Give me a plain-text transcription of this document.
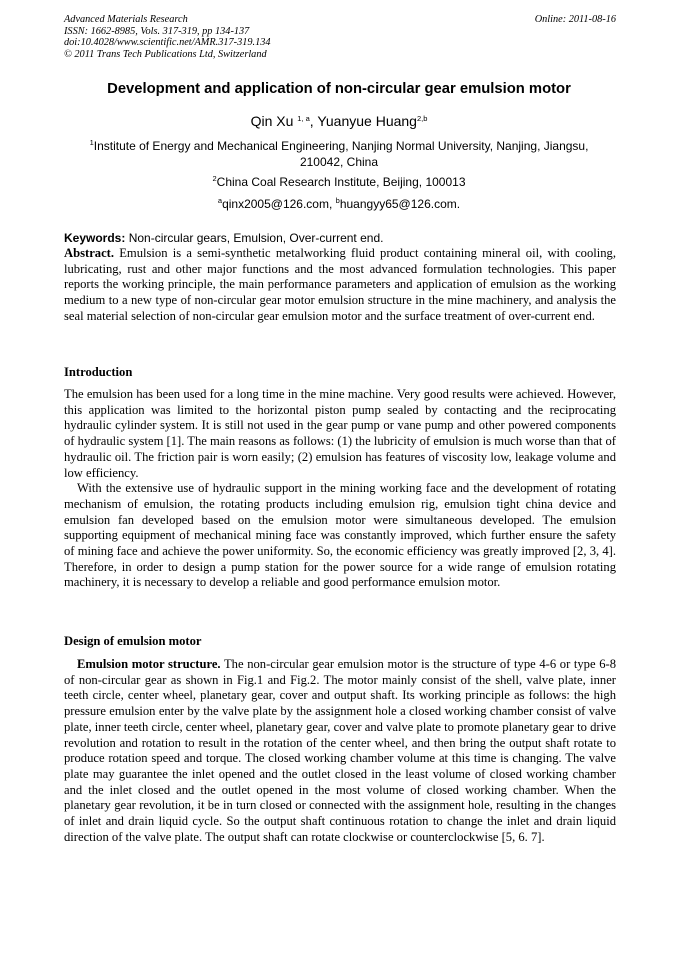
Advanced Materials Research
ISSN: 1662-8985, Vols. 317-319, pp 134-137
doi:10.4028/www.scientific.net/AMR.317-319.134
© 2011 Trans Tech Publications Ltd, Switzerland
Online: 2011-08-16
Development and application of non-circular gear emulsion motor
Qin Xu $^{1, a}$, Yuanyue Huang$^{2,b}$
$^1$Institute of Energy and Mechanical Engineering, Nanjing Normal University, Nanjing, Jiangsu,
210042, China
$^2$China Coal Research Institute, Beijing, 100013
$^a$qinx2005@126.com, $^b$huangyy65@126.com.
Keywords: Non-circular gears, Emulsion, Over-current end.
Abstract. Emulsion is a semi-synthetic metalworking fluid product containing mineral oil, with cooling, lubricating, rust and other major functions and the most advanced formulation technologies. This paper reports the working principle, the main performance parameters and application of emulsion as the working medium to a new type of non-circular gear motor emulsion structure in the mine machinery, and analysis the seal material selection of non-circular gear emulsion motor and the surface treatment of over-current end.
Introduction
The emulsion has been used for a long time in the mine machine. Very good results were achieved. However, this application was limited to the horizontal piston pump sealed by contacting and the reciprocating hydraulic cylinder system. It is still not used in the gear pump or vane pump and other powered components of hydraulic system [1]. The main reasons as follows: (1) the lubricity of emulsion is much worse than that of hydraulic oil. The friction pair is worn easily; (2) emulsion has features of viscosity low, leakage volume and low efficiency.
With the extensive use of hydraulic support in the mining working face and the development of rotating mechanism of emulsion, the rotating products including emulsion rig, emulsion tight china device and emulsion fan developed based on the emulsion motor were simultaneous developed. The emulsion supporting equipment of mechanical mining face was constantly improved, which further ensure the safety of mining face and achieve the power uniformity. So, the economic efficiency was greatly improved [2, 3, 4]. Therefore, in order to design a pump station for the power source for a wide range of emulsion rotating machinery, it is necessary to develop a reliable and good performance emulsion motor.
Design of emulsion motor
Emulsion motor structure. The non-circular gear emulsion motor is the structure of type 4-6 or type 6-8 of non-circular gear as shown in Fig.1 and Fig.2. The motor mainly consist of the shell, valve plate, inner teeth circle, center wheel, planetary gear, cover and output shaft. Its working principle as follows: the high pressure emulsion enter by the valve plate by the assignment hole a closed working chamber consist of valve plate, inner teeth circle, center wheel, planetary gear, cover and valve plate to promote planetary gear to drive revolution and rotation to result in the rotation of the center wheel, and then bring the output shaft rotate to produce rotation speed and torque. The closed working chamber volume at this time is changing. The valve plate may guarantee the inlet opened and the outlet closed in the least volume of closed working chamber and the inlet closed and the outlet opened in the most volume of closed working chamber. When the planetary gear revolution, it be in turn closed or connected with the assignment hole, resulting in the changes of inlet and drain liquid cycle. So the output shaft continuous rotation to change the inlet and drain liquid direction of the valve plate. The output shaft can rotate clockwise or counterclockwise [5, 6. 7].
